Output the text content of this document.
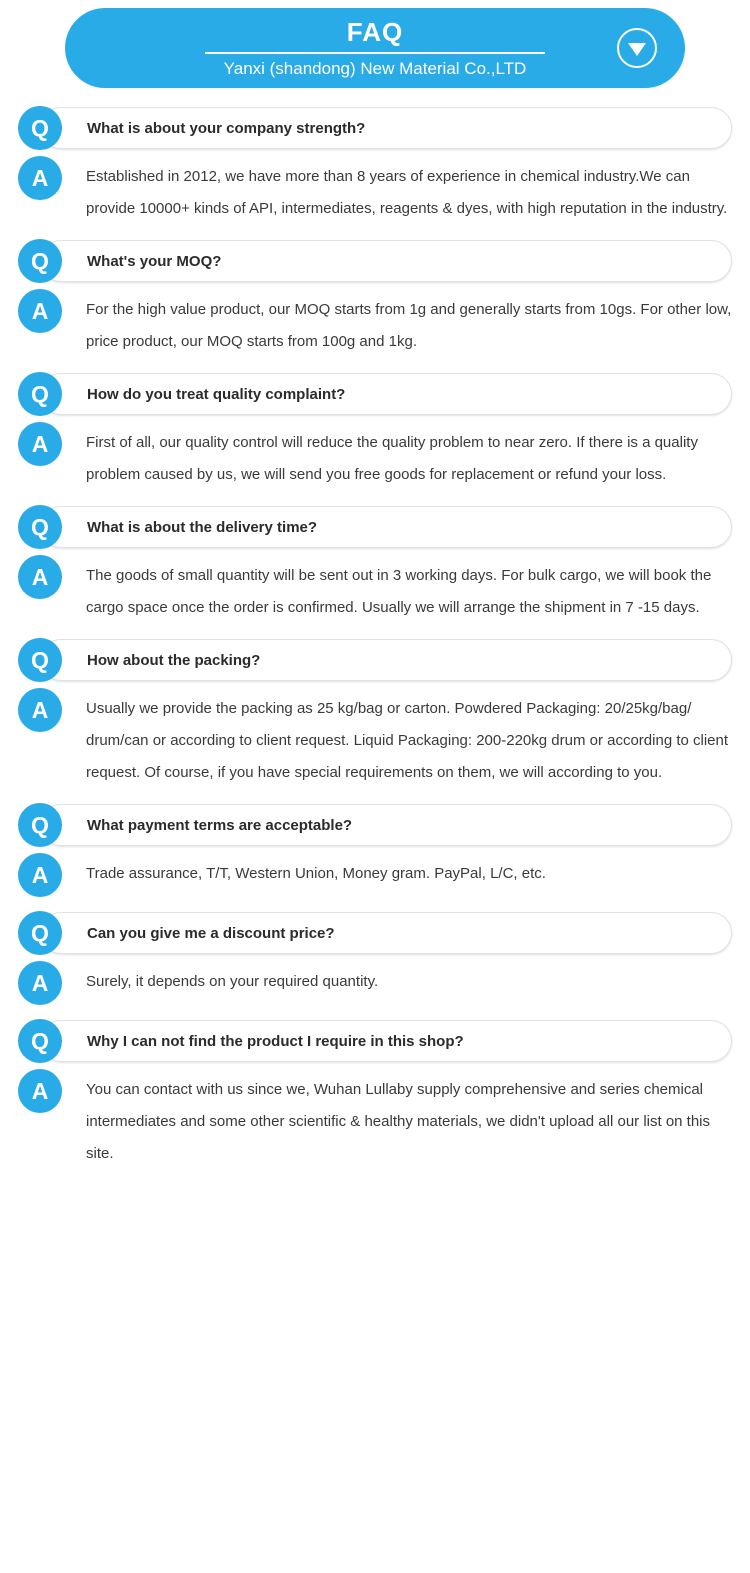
FAQ
Yanxi (shandong) New Material Co.,LTD
Q	What is about your company strength?
A	Established in 2012, we have more than 8 years of experience in chemical industry.We can provide 10000+ kinds of API, intermediates, reagents & dyes, with high reputation in the industry.
Q	What's your MOQ?
A	For the high value product, our MOQ starts from 1g and generally starts from 10gs. For other low, price product, our MOQ starts from 100g and 1kg.
Q	How do you treat quality complaint?
A	First of all, our quality control will reduce the quality problem to near zero. If there is a quality problem caused by us, we will send you free goods for replacement or refund your loss.
Q	What is about the delivery time?
A	The goods of small quantity will be sent out in 3 working days. For bulk cargo, we will book the cargo space once the order is confirmed. Usually we will arrange the shipment in 7 -15 days.
Q	How about the packing?
A	Usually we provide the packing as 25 kg/bag or carton. Powdered Packaging: 20/25kg/bag/ drum/can or according to client request. Liquid Packaging: 200-220kg drum or according to client request. Of course, if you have special requirements on them, we will according to you.
Q	What payment terms are acceptable?
A	Trade assurance, T/T, Western Union, Money gram. PayPal, L/C, etc.
Q	Can you give me a discount price?
A	Surely, it depends on your required quantity.
Q	Why I can not find the product I require in this shop?
A	You can contact with us since we, Wuhan Lullaby supply comprehensive and series chemical intermediates and some other scientific & healthy materials, we didn't upload all our list on this site.
